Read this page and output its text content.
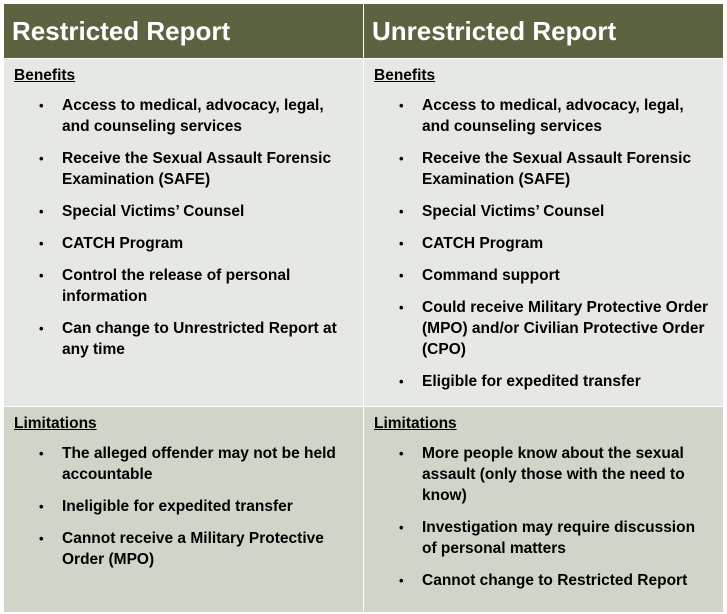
Restricted Report	Unrestricted Report
Benefits
• Access to medical, advocacy, legal, and counseling services
• Receive the Sexual Assault Forensic Examination (SAFE)
• Special Victims’ Counsel
• CATCH Program
• Control the release of personal information
• Can change to Unrestricted Report at any time
Benefits
• Access to medical, advocacy, legal, and counseling services
• Receive the Sexual Assault Forensic Examination (SAFE)
• Special Victims’ Counsel
• CATCH Program
• Command support
• Could receive Military Protective Order (MPO) and/or Civilian Protective Order (CPO)
• Eligible for expedited transfer
Limitations
• The alleged offender may not be held accountable
• Ineligible for expedited transfer
• Cannot receive a Military Protective Order (MPO)
Limitations
• More people know about the sexual assault (only those with the need to know)
• Investigation may require discussion of personal matters
• Cannot change to Restricted Report
